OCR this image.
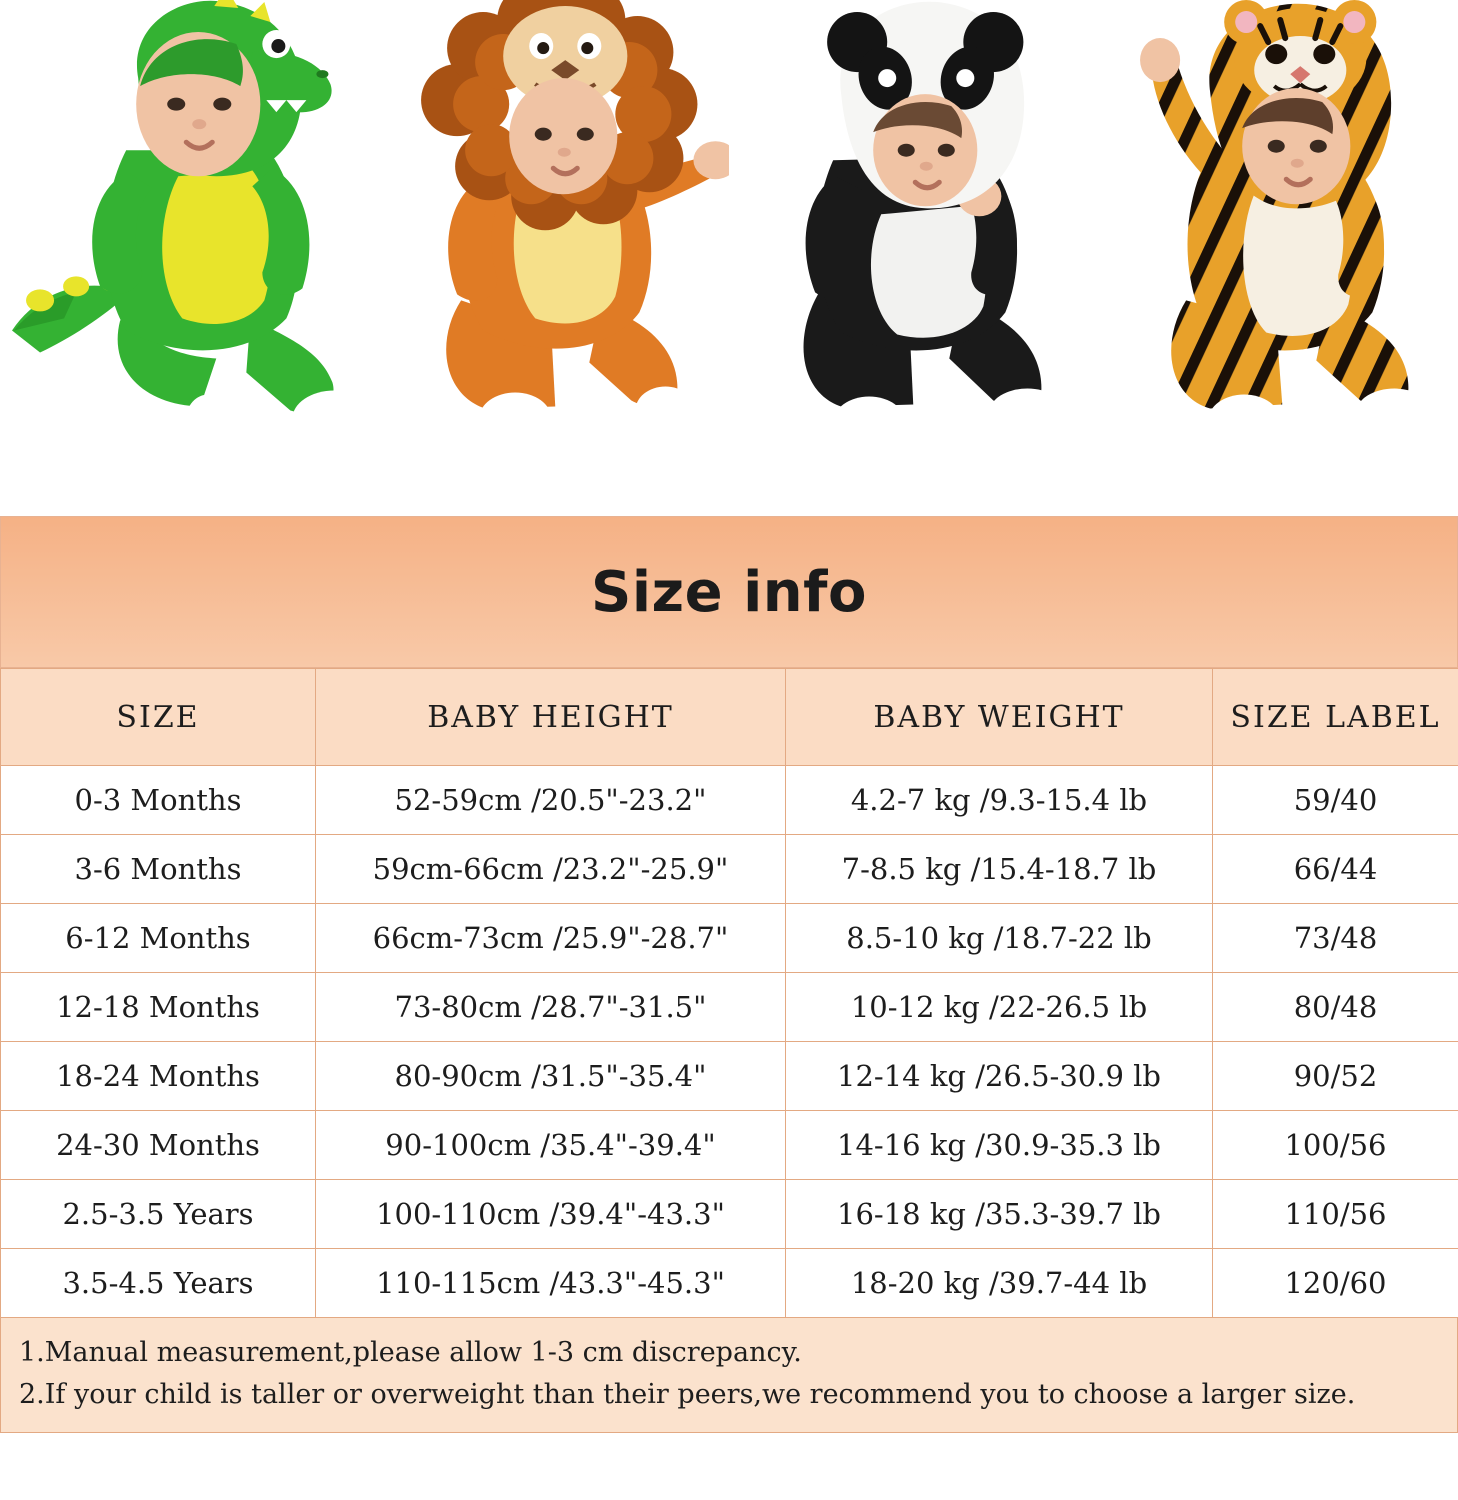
Size info
SIZE	BABY HEIGHT	BABY WEIGHT	SIZE LABEL
0-3 Months	52-59cm /20.5"-23.2"	4.2-7 kg /9.3-15.4 lb	59/40
3-6 Months	59cm-66cm /23.2"-25.9"	7-8.5 kg /15.4-18.7 lb	66/44
6-12 Months	66cm-73cm /25.9"-28.7"	8.5-10 kg /18.7-22 lb	73/48
12-18 Months	73-80cm /28.7"-31.5"	10-12 kg /22-26.5 lb	80/48
18-24 Months	80-90cm /31.5"-35.4"	12-14 kg /26.5-30.9 lb	90/52
24-30 Months	90-100cm /35.4"-39.4"	14-16 kg /30.9-35.3 lb	100/56
2.5-3.5 Years	100-110cm /39.4"-43.3"	16-18 kg /35.3-39.7 lb	110/56
3.5-4.5 Years	110-115cm /43.3"-45.3"	18-20 kg /39.7-44 lb	120/60
1.Manual measurement,please allow 1-3 cm discrepancy.
2.If your child is taller or overweight than their peers,we recommend you to choose a larger size.
